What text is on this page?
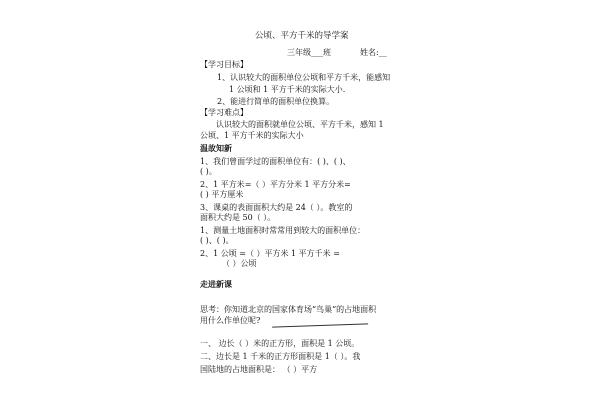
公顷、平方千米的导学案
三年级___班	姓名:__
【学习目标】
1、认识较大的面积单位公顷和平方千米，能感知
1 公顷和 1 平方千米的实际大小.
2、能进行简单的面积单位换算。
【学习难点】
认识较大的面积就单位公顷、平方千米，感知 1
公顷、1 平方千米的实际大小
温故知新
1、我们曾面学过的面积单位有：( )、( )、
( )。
2、1 平方米=（ ）平方分米 1 平方分米=
( ) 平方厘米
3、课桌的表面面积大约是 24（ ）。教室的
面积大约是 50（ ）。
1、测量土地面积时常常用到较大的面积单位：
( )、( )。
2、1 公顷 =（ ）平方米 1 平方千米 =
（ ）公顷
走进新课
思考：你知道北京的国家体育场“鸟巢”的占地面积
用什么作单位呢?
一、 边长（ ）米的正方形，面积是 1 公顷。
二、边长是 1 千米的正方形面积是 1（ ）。我
国陆地的占地面积是： （ ）平方
